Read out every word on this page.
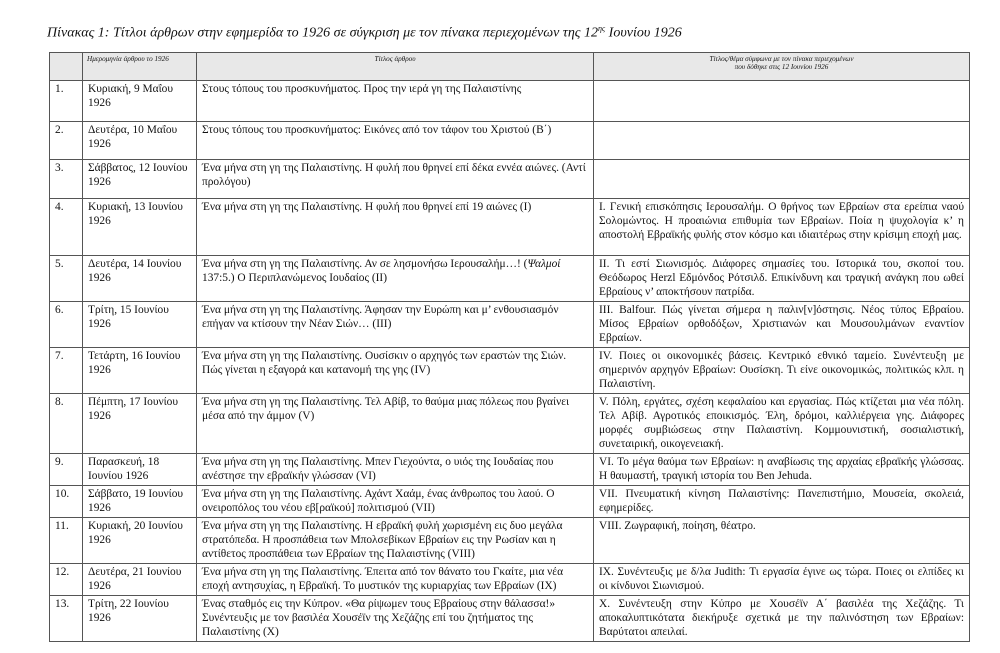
Πίνακας 1: Τίτλοι άρθρων στην εφημερίδα το 1926 σε σύγκριση με τον πίνακα περιεχομένων της $12^{\eta\varsigma}$ Ιουνίου 1926
	Ημερομηνία άρθρου το 1926	Τίτλος άρθρου	Τίτλος/θέμα σύμφωνα με τον πίνακα περιεχομένων
που δόθηκε στις 12 Ιουνίου 1926
1.	Κυριακή, 9 Μαΐου 1926	Στους τόπους του προσκυνήματος. Προς την ιερά γη της Παλαιστίνης	
2.	Δευτέρα, 10 Μαΐου 1926	Στους τόπους του προσκυνήματος: Εικόνες από τον τάφον του Χριστού (Β΄)	
3.	Σάββατος, 12 Ιουνίου 1926	Ένα μήνα στη γη της Παλαιστίνης. Η φυλή που θρηνεί επί δέκα εννέα αιώνες. (Αντί προλόγου)	
4.	Κυριακή, 13 Ιουνίου 1926	Ένα μήνα στη γη της Παλαιστίνης. Η φυλή που θρηνεί επί 19 αιώνες (Ι)	Ι. Γενική επισκόπησις Ιερουσαλήμ. Ο θρήνος των Εβραίων στα ερείπια ναού Σολομώντος. Η προαιώνια επιθυμία των Εβραίων. Ποία η ψυχολογία κ’ η αποστολή Εβραϊκής φυλής στον κόσμο και ιδιαιτέρως στην κρίσιμη εποχή μας.
5.	Δευτέρα, 14 Ιουνίου 1926	Ένα μήνα στη γη της Παλαιστίνης. Αν σε λησμονήσω Ιερουσαλήμ…! (Ψαλμοί 137:5.) Ο Περιπλανώμενος Ιουδαίος (ΙΙ)	ΙΙ. Τι εστί Σιωνισμός. Διάφορες σημασίες του. Ιστορικά του, σκοποί του. Θεόδωρος Herzl Εδμόνδος Ρότσιλδ. Επικίνδυνη και τραγική ανάγκη που ωθεί Εβραίους ν’ αποκτήσουν πατρίδα.
6.	Τρίτη, 15 Ιουνίου 1926	Ένα μήνα στη γη της Παλαιστίνης. Άφησαν την Ευρώπη και μ’ ενθουσιασμόν επήγαν να κτίσουν την Νέαν Σιών… (ΙΙΙ)	ΙΙΙ. Balfour. Πώς γίνεται σήμερα η παλιν[ν]όστησις. Νέος τύπος Εβραίου. Μίσος Εβραίων ορθοδόξων, Χριστιανών και Μουσουλμάνων εναντίον Εβραίων.
7.	Τετάρτη, 16 Ιουνίου 1926	Ένα μήνα στη γη της Παλαιστίνης. Ουσίσκιν ο αρχηγός των εραστών της Σιών. Πώς γίνεται η εξαγορά και κατανομή της γης (IV)	ΙV. Ποιες οι οικονομικές βάσεις. Κεντρικό εθνικό ταμείο. Συνέντευξη με σημερινόν αρχηγόν Εβραίων: Ουσίσκη. Τι είνε οικονομικώς, πολιτικώς κλπ. η Παλαιστίνη.
8.	Πέμπτη, 17 Ιουνίου 1926	Ένα μήνα στη γη της Παλαιστίνης. Τελ Αβίβ, το θαύμα μιας πόλεως που βγαίνει μέσα από την άμμον (V)	V. Πόλη, εργάτες, σχέση κεφαλαίου και εργασίας. Πώς κτίζεται μια νέα πόλη. Τελ Αβίβ. Αγροτικός εποικισμός. Έλη, δρόμοι, καλλιέργεια γης. Διάφορες μορφές συμβιώσεως στην Παλαιστίνη. Κομμουνιστική, σοσιαλιστική, συνεταιρική, οικογενειακή.
9.	Παρασκευή, 18 Ιουνίου 1926	Ένα μήνα στη γη της Παλαιστίνης. Μπεν Γιεχούντα, ο υιός της Ιουδαίας που ανέστησε την εβραϊκήν γλώσσαν (VI)	VΙ. Το μέγα θαύμα των Εβραίων: η αναβίωσις της αρχαίας εβραϊκής γλώσσας. Η θαυμαστή, τραγική ιστορία του Ben Jehuda.
10.	Σάββατο, 19 Ιουνίου 1926	Ένα μήνα στη γη της Παλαιστίνης. Αχάντ Χαάμ, ένας άνθρωπος του λαού. Ο ονειροπόλος του νέου εβ[ραϊκού] πολιτισμού (VII)	VΙΙ. Πνευματική κίνηση Παλαιστίνης: Πανεπιστήμιο, Μουσεία, σκολειά, εφημερίδες.
11.	Κυριακή, 20 Ιουνίου 1926	Ένα μήνα στη γη της Παλαιστίνης. Η εβραϊκή φυλή χωρισμένη εις δυο μεγάλα στρατόπεδα. Η προσπάθεια των Μπολσεβίκων Εβραίων εις την Ρωσίαν και η αντίθετος προσπάθεια των Εβραίων της Παλαιστίνης (VIII)	VΙΙΙ. Ζωγραφική, ποίηση, θέατρο.
12.	Δευτέρα, 21 Ιουνίου 1926	Ένα μήνα στη γη της Παλαιστίνης. Έπειτα από τον θάνατο του Γκαίτε, μια νέα εποχή αντησυχίας, η Εβραϊκή. Το μυστικόν της κυριαρχίας των Εβραίων (ΙΧ)	ΙΧ. Συνέντευξις με δ/λα Judith: Τι εργασία έγινε ως τώρα. Ποιες οι ελπίδες κι οι κίνδυνοι Σιωνισμού.
13.	Τρίτη, 22 Ιουνίου 1926	Ένας σταθμός εις την Κύπρον. «Θα ρίψωμεν τους Εβραίους στην θάλασσα!» Συνέντευξις με τον βασιλέα Χουσέϊν της Χεζάζης επί του ζητήματος της Παλαιστίνης (Χ)	Χ. Συνέντευξη στην Κύπρο με Χουσέϊν Α΄ βασιλέα της Χεζάζης. Τι αποκαλυπτικότατα διεκήρυξε σχετικά με την παλινόστηση των Εβραίων: Βαρύτατοι απειλαί.
